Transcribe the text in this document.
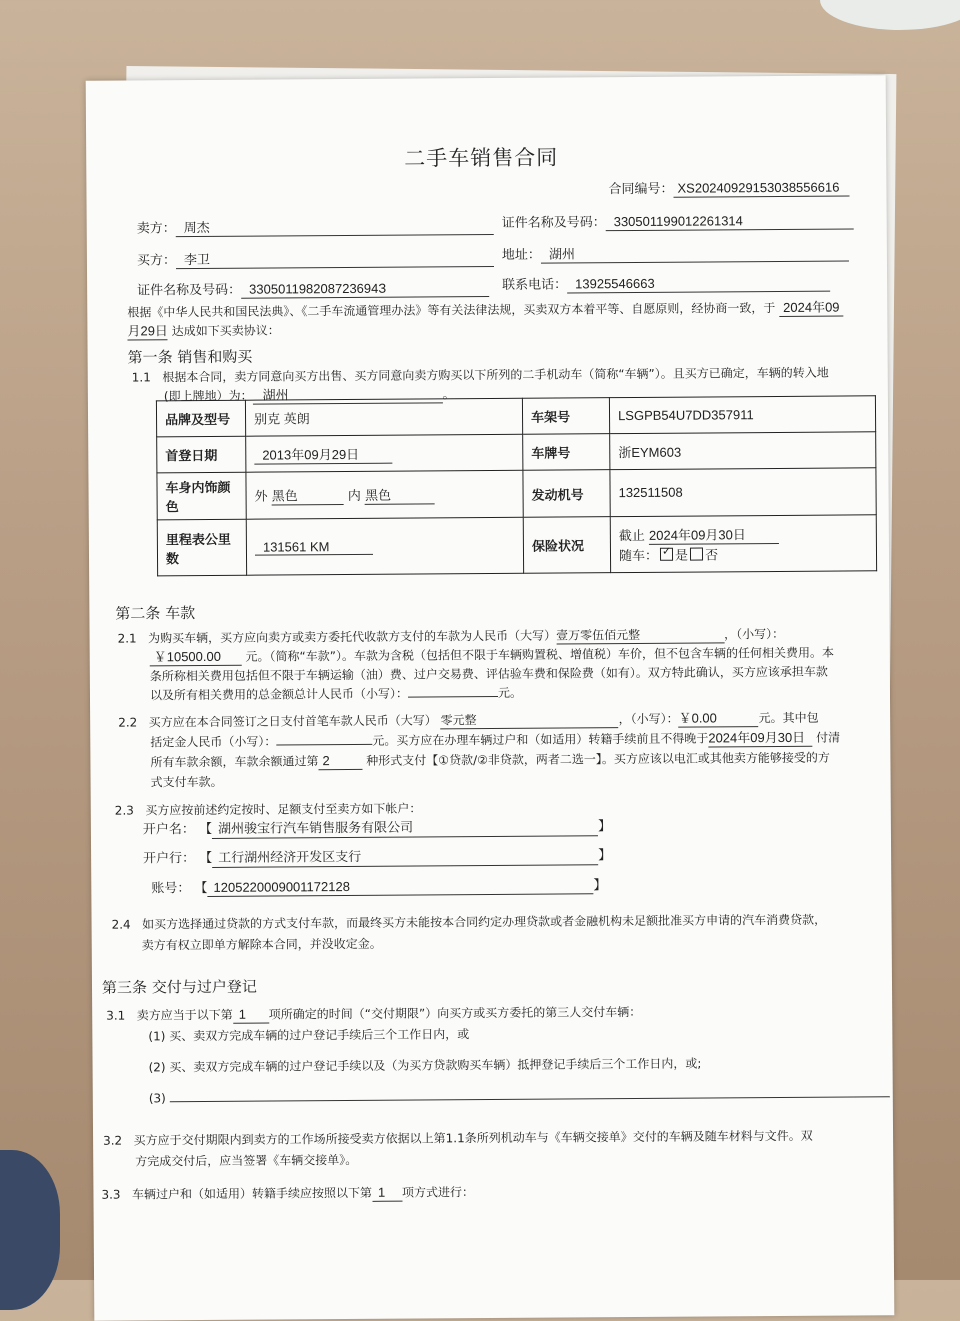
二手车销售合同
合同编号： XS20240929153038556616
卖方： 周杰	证件名称及号码： 330501199012261314
买方： 李卫	地址： 湖州
证件名称及号码： 330501198208723694З	联系电话： 13925546663
根据《中华人民共和国民法典》、《二手车流通管理办法》等有关法律法规，买卖双方本着平等、自愿原则，经协商一致，于 2024年09
月29日 达成如下买卖协议：
第一条 销售和购买
1.1 根据本合同，卖方同意向买方出售、买方同意向卖方购买以下所列的二手机动车（简称“车辆”）。且买方已确定，车辆的转入地
(即上牌地）为： 湖州	。
品牌及型号	别克 英朗	车架号	LSGPB54U7DD357911
首登日期	2013年09月29日	车牌号	浙EYM603
车身内饰颜色	外 黑色 内 黑色	发动机号	132511508
里程表公里数	131561 KM	保险状况	截止 2024年09月30日
随车： ✓ 是 否
第二条 车款
2.1 为购买车辆，买方应向卖方或卖方委托代收款方支付的车款为人民币（大写）壹万零伍佰元整	，（小写）：
￥10500.00 元。（简称“车款”）。车款为含税（包括但不限于车辆购置税、增值税）车价，但不包含车辆的任何相关费用。本
条所称相关费用包括但不限于车辆运输（油）费、过户交易费、评估验车费和保险费（如有）。双方特此确认，买方应该承担车款
以及所有相关费用的总金额总计人民币（小写）：	元。
2.2 买方应在本合同签订之日支付首笔车款人民币（大写） 零元整	，（小写）：￥0.00	元。其中包
括定金人民币（小写）：	元。买方应在办理车辆过户和（如适用）转籍手续前且不得晚于2024年09月30日 付清
所有车款余额，车款余额通过第 2	种形式支付【①贷款/②非贷款，两者二选一】。买方应该以电汇或其他卖方能够接受的方
式支付车款。
2.3 买方应按前述约定按时、足额支付至卖方如下帐户：
开户名： 【 湖州骏宝行汽车销售服务有限公司	】
开户行： 【 工行湖州经济开发区支行	】
账号： 【 1205220009001172128	】
2.4 如买方选择通过贷款的方式支付车款，而最终买方未能按本合同约定办理贷款或者金融机构未足额批准买方申请的汽车消费贷款，
卖方有权立即单方解除本合同，并没收定金。
第三条 交付与过户登记
3.1 卖方应当于以下第 1 项所确定的时间（“交付期限”）向买方或买方委托的第三人交付车辆：
(1) 买、卖双方完成车辆的过户登记手续后三个工作日内，或
(2) 买、卖双方完成车辆的过户登记手续以及（为买方贷款购买车辆）抵押登记手续后三个工作日内，或;
(3)
3.2 买方应于交付期限内到卖方的工作场所接受卖方依据以上第1.1条所列机动车与《车辆交接单》交付的车辆及随车材料与文件。双
方完成交付后，应当签署《车辆交接单》。
3.3 车辆过户和（如适用）转籍手续应按照以下第 1 项方式进行：
